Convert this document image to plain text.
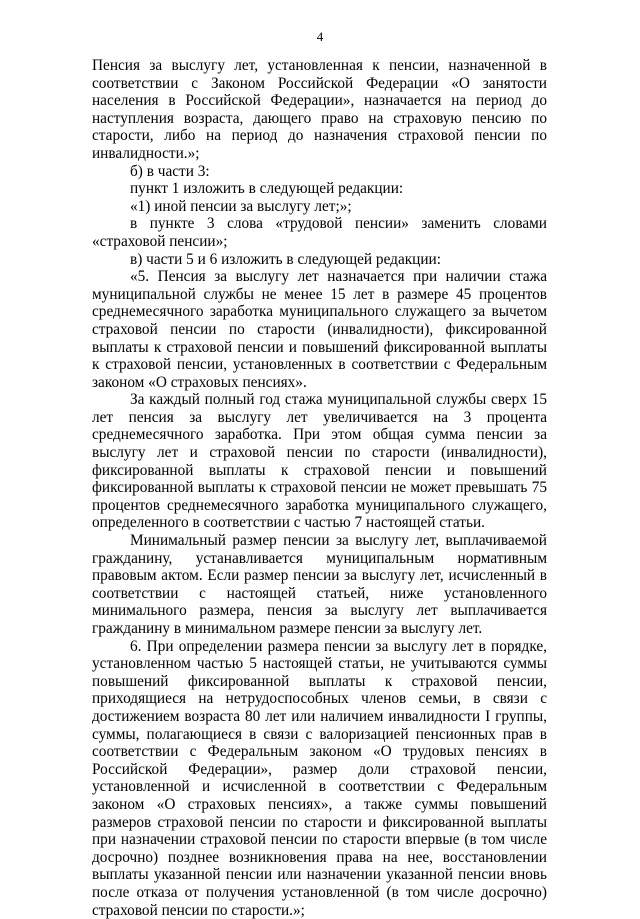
4

Пенсия за выслугу лет, установленная к пенсии, назначенной в соответствии с Законом Российской Федерации «О занятости населения в Российской Федерации», назначается на период до наступления возраста, дающего право на страховую пенсию по старости, либо на период до назначения страховой пенсии по инвалидности.»;

б) в части 3:

пункт 1 изложить в следующей редакции:

«1) иной пенсии за выслугу лет;»;

в пункте 3 слова «трудовой пенсии» заменить словами «страховой пенсии»;

в) части 5 и 6 изложить в следующей редакции:

«5. Пенсия за выслугу лет назначается при наличии стажа муниципальной службы не менее 15 лет в размере 45 процентов среднемесячного заработка муниципального служащего за вычетом страховой пенсии по старости (инвалидности), фиксированной выплаты к страховой пенсии и повышений фиксированной выплаты к страховой пенсии, установленных в соответствии с Федеральным законом «О страховых пенсиях».

За каждый полный год стажа муниципальной службы сверх 15 лет пенсия за выслугу лет увеличивается на 3 процента среднемесячного заработка. При этом общая сумма пенсии за выслугу лет и страховой пенсии по старости (инвалидности), фиксированной выплаты к страховой пенсии и повышений фиксированной выплаты к страховой пенсии не может превышать 75 процентов среднемесячного заработка муниципального служащего, определенного в соответствии с частью 7 настоящей статьи.

Минимальный размер пенсии за выслугу лет, выплачиваемой гражданину, устанавливается муниципальным нормативным правовым актом. Если размер пенсии за выслугу лет, исчисленный в соответствии с настоящей статьей, ниже установленного минимального размера, пенсия за выслугу лет выплачивается гражданину в минимальном размере пенсии за выслугу лет.

6. При определении размера пенсии за выслугу лет в порядке, установленном частью 5 настоящей статьи, не учитываются суммы повышений фиксированной выплаты к страховой пенсии, приходящиеся на нетрудоспособных членов семьи, в связи с достижением возраста 80 лет или наличием инвалидности I группы, суммы, полагающиеся в связи с валоризацией пенсионных прав в соответствии с Федеральным законом «О трудовых пенсиях в Российской Федерации», размер доли страховой пенсии, установленной и исчисленной в соответствии с Федеральным законом «О страховых пенсиях», а также суммы повышений размеров страховой пенсии по старости и фиксированной выплаты при назначении страховой пенсии по старости впервые (в том числе досрочно) позднее возникновения права на нее, восстановлении выплаты указанной пенсии или назначении указанной пенсии вновь после отказа от получения установленной (в том числе досрочно) страховой пенсии по старости.»;
